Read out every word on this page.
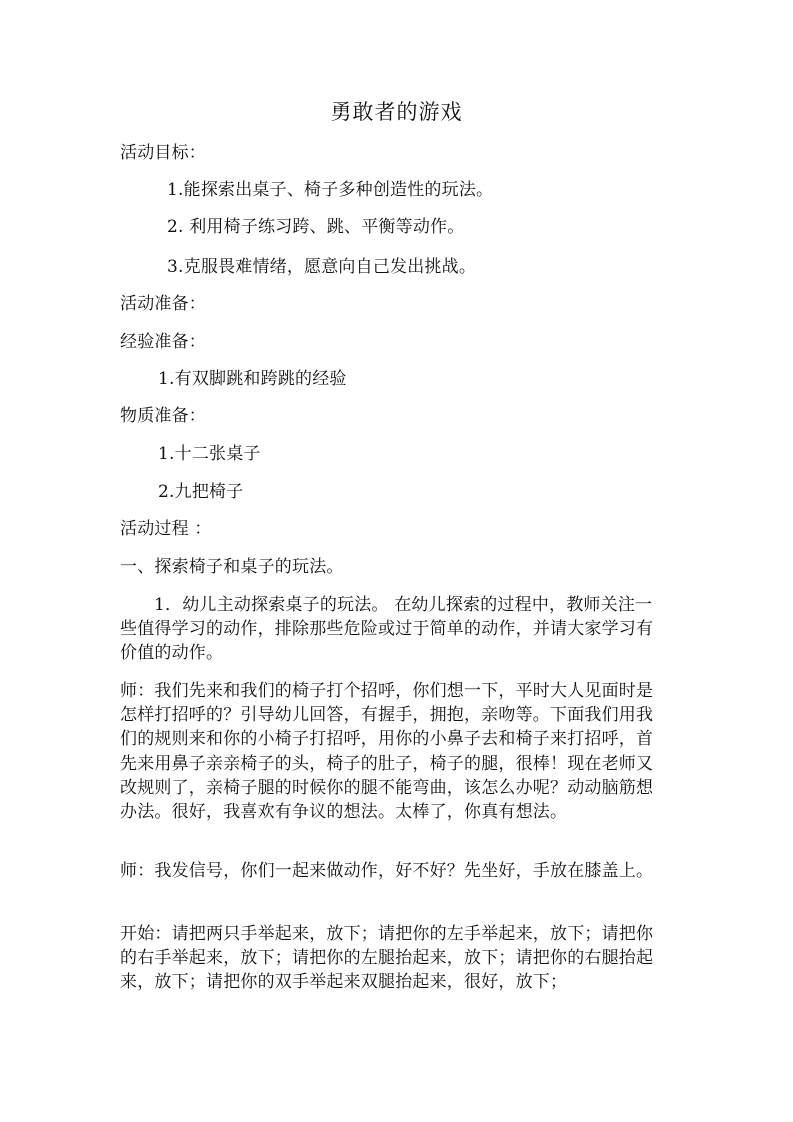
勇敢者的游戏
活动目标：
1.能探索出桌子、椅子多种创造性的玩法。
2. 利用椅子练习跨、跳、平衡等动作。
3.克服畏难情绪，愿意向自己发出挑战。
活动准备：
经验准备：
1.有双脚跳和跨跳的经验
物质准备：
1.十二张桌子
2.九把椅子
活动过程 ：
一、探索椅子和桌子的玩法。
1．幼儿主动探索桌子的玩法。 在幼儿探索的过程中，教师关注一些值得学习的动作，排除那些危险或过于简单的动作，并请大家学习有价值的动作。
师：我们先来和我们的椅子打个招呼，你们想一下，平时大人见面时是怎样打招呼的？引导幼儿回答，有握手，拥抱，亲吻等。下面我们用我们的规则来和你的小椅子打招呼，用你的小鼻子去和椅子来打招呼，首先来用鼻子亲亲椅子的头，椅子的肚子，椅子的腿，很棒！现在老师又改规则了，亲椅子腿的时候你的腿不能弯曲，该怎么办呢？动动脑筋想办法。很好，我喜欢有争议的想法。太棒了，你真有想法。
师：我发信号，你们一起来做动作，好不好？先坐好，手放在膝盖上。
开始：请把两只手举起来，放下；请把你的左手举起来，放下；请把你的右手举起来，放下；请把你的左腿抬起来，放下；请把你的右腿抬起来，放下；请把你的双手举起来双腿抬起来，很好，放下；
